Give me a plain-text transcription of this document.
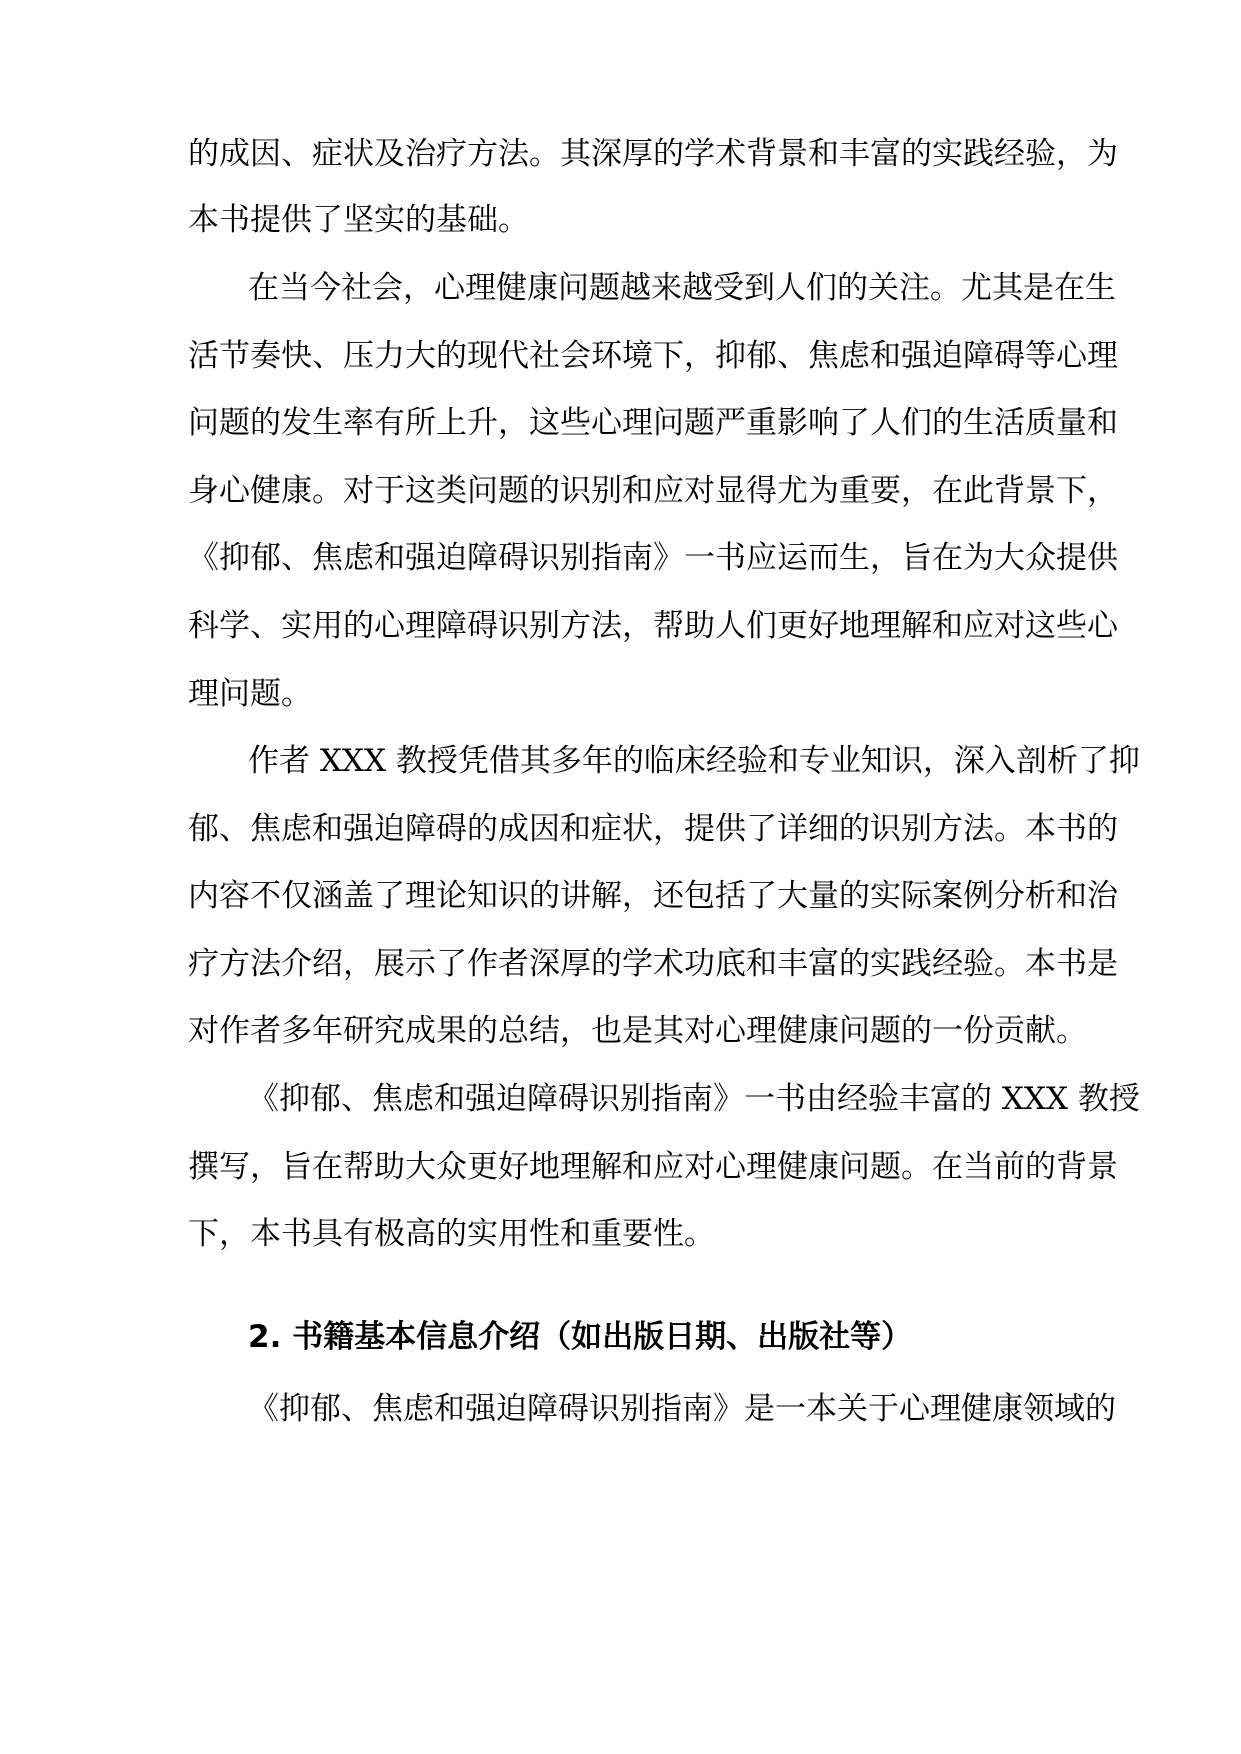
的成因、症状及治疗方法。其深厚的学术背景和丰富的实践经验，为
本书提供了坚实的基础。
在当今社会，心理健康问题越来越受到人们的关注。尤其是在生
活节奏快、压力大的现代社会环境下，抑郁、焦虑和强迫障碍等心理
问题的发生率有所上升，这些心理问题严重影响了人们的生活质量和
身心健康。对于这类问题的识别和应对显得尤为重要，在此背景下，
《抑郁、焦虑和强迫障碍识别指南》一书应运而生，旨在为大众提供
科学、实用的心理障碍识别方法，帮助人们更好地理解和应对这些心
理问题。
作者 XXX 教授凭借其多年的临床经验和专业知识，深入剖析了抑
郁、焦虑和强迫障碍的成因和症状，提供了详细的识别方法。本书的
内容不仅涵盖了理论知识的讲解，还包括了大量的实际案例分析和治
疗方法介绍，展示了作者深厚的学术功底和丰富的实践经验。本书是
对作者多年研究成果的总结，也是其对心理健康问题的一份贡献。
《抑郁、焦虑和强迫障碍识别指南》一书由经验丰富的 XXX 教授
撰写，旨在帮助大众更好地理解和应对心理健康问题。在当前的背景
下，本书具有极高的实用性和重要性。
2. 书籍基本信息介绍（如出版日期、出版社等）
《抑郁、焦虑和强迫障碍识别指南》是一本关于心理健康领域的
